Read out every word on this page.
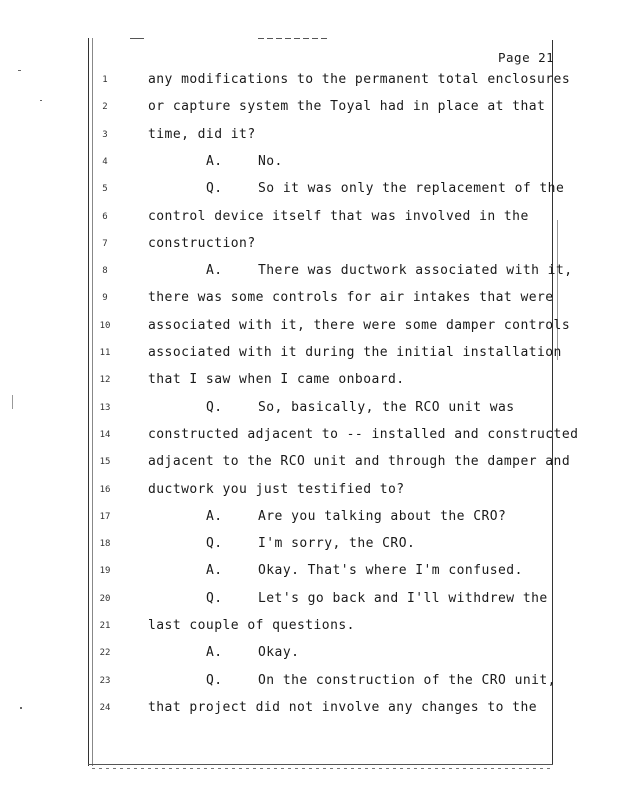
Page 21
1	any modifications to the permanent total enclosures
2	or capture system the Toyal had in place at that
3	time, did it?
4	A.	No.
5	Q.	So it was only the replacement of the
6	control device itself that was involved in the
7	construction?
8	A.	There was ductwork associated with it,
9	there was some controls for air intakes that were
10	associated with it, there were some damper controls
11	associated with it during the initial installation
12	that I saw when I came onboard.
13	Q.	So, basically, the RCO unit was
14	constructed adjacent to -- installed and constructed
15	adjacent to the RCO unit and through the damper and
16	ductwork you just testified to?
17	A.	Are you talking about the CRO?
18	Q.	I'm sorry, the CRO.
19	A.	Okay. That's where I'm confused.
20	Q.	Let's go back and I'll withdrew the
21	last couple of questions.
22	A.	Okay.
23	Q.	On the construction of the CRO unit,
24	that project did not involve any changes to the
